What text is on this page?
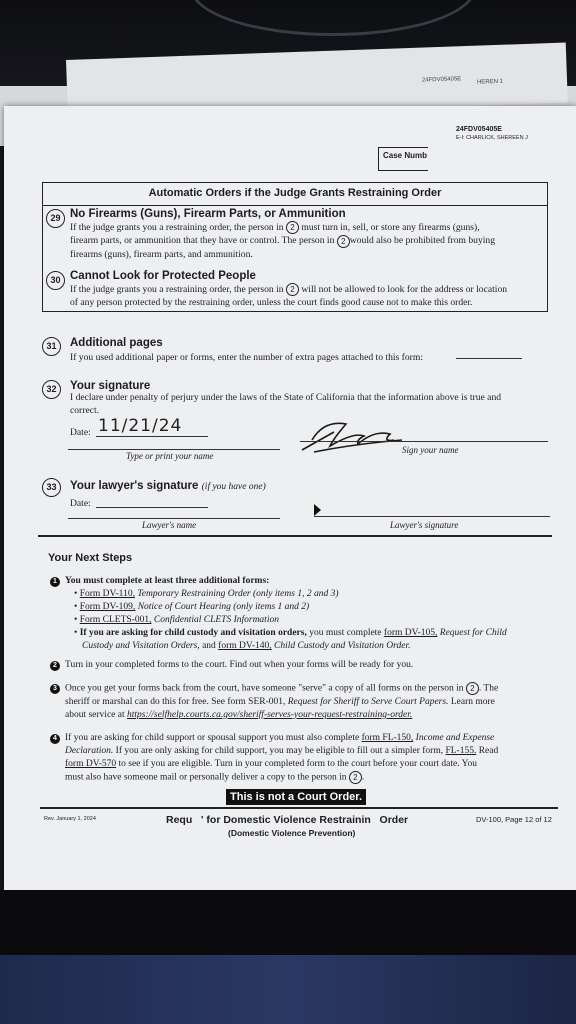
24FDV05405E	HEREN 1
24FDV05405E
E-I: CHARLICK, SHEREEN J
Case Numb
Automatic Orders if the Judge Grants Restraining Order
29 No Firearms (Guns), Firearm Parts, or Ammunition
If the judge grants you a restraining order, the person in 2 must turn in, sell, or store any firearms (guns),
firearm parts, or ammunition that they have or control. The person in 2 would also be prohibited from buying
firearms (guns), firearm parts, and ammunition.
30 Cannot Look for Protected People
If the judge grants you a restraining order, the person in 2 will not be allowed to look for the address or location
of any person protected by the restraining order, unless the court finds good cause not to make this order.
31	Additional pages
If you used additional paper or forms, enter the number of extra pages attached to this form:
32	Your signature
I declare under penalty of perjury under the laws of the State of California that the information above is true and
correct.
Date: 11/21/24
Type or print your name
Sign your name
33	Your lawyer's signature (if you have one)
Date:
Lawyer's name	Lawyer's signature
Your Next Steps
1 You must complete at least three additional forms:
• Form DV-110, Temporary Restraining Order (only items 1, 2 and 3)
• Form DV-109, Notice of Court Hearing (only items 1 and 2)
• Form CLETS-001, Confidential CLETS Information
• If you are asking for child custody and visitation orders, you must complete form DV-105, Request for Child
Custody and Visitation Orders, and form DV-140, Child Custody and Visitation Order.
2 Turn in your completed forms to the court. Find out when your forms will be ready for you.
3 Once you get your forms back from the court, have someone "serve" a copy of all forms on the person in 2 . The
sheriff or marshal can do this for free. See form SER-001, Request for Sheriff to Serve Court Papers. Learn more
about service at https://selfhelp.courts.ca.gov/sheriff-serves-your-request-restraining-order.
4 If you are asking for child support or spousal support you must also complete form FL-150, Income and Expense
Declaration. If you are only asking for child support, you may be eligible to fill out a simpler form, FL-155. Read
form DV-570 to see if you are eligible. Turn in your completed form to the court before your court date. You
must also have someone mail or personally deliver a copy to the person in 2 .
This is not a Court Order.
Rev. January 1, 2024	Requ   ' for Domestic Violence Restrainin   Order
(Domestic Violence Prevention)
DV-100, Page 12 of 12
